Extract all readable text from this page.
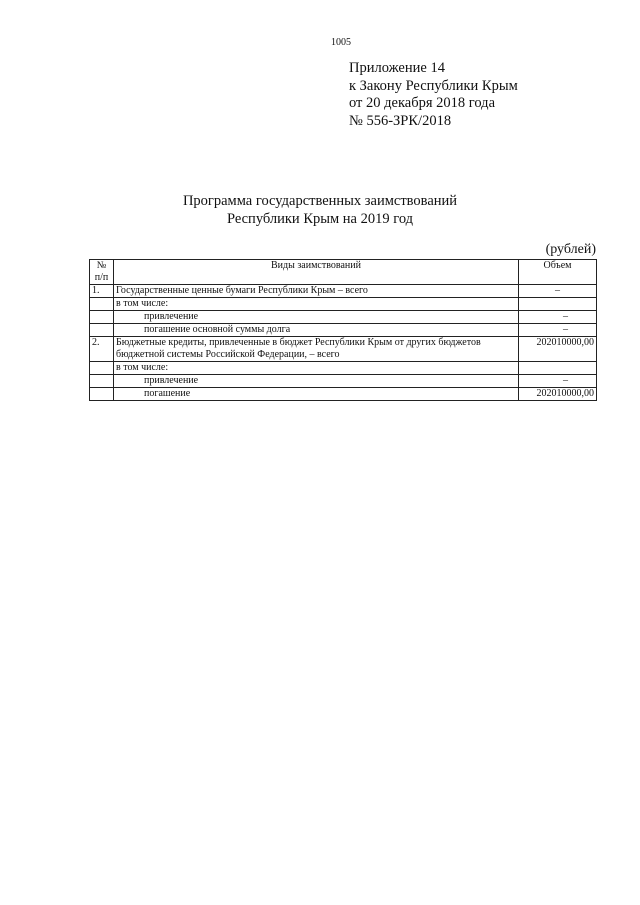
1005
Приложение 14
к Закону Республики Крым
от 20 декабря 2018 года
№ 556-ЗРК/2018
Программа государственных заимствований
Республики Крым на 2019 год
(рублей)
№ п/п	Виды заимствований	Объем
1.	Государственные ценные бумаги Республики Крым – всего	–
	в том числе:	
	привлечение	–
	погашение основной суммы долга	–
2.	Бюджетные кредиты, привлеченные в бюджет Республики Крым от других бюджетов бюджетной системы Российской Федерации, – всего	202010000,00
	в том числе:	
	привлечение	–
	погашение	202010000,00
